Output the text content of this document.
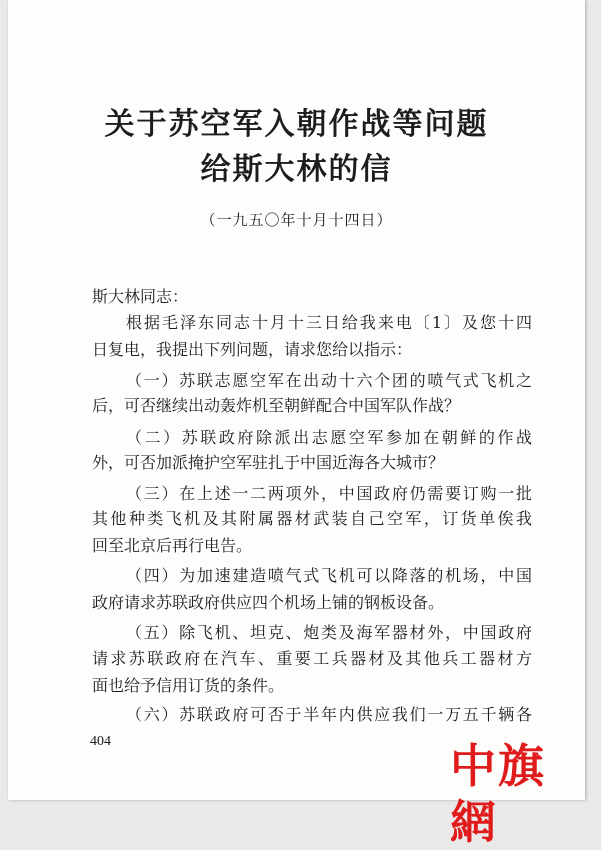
关于苏空军入朝作战等问题
给斯大林的信
（一九五〇年十月十四日）
斯大林同志：
根据毛泽东同志十月十三日给我来电〔1〕及您十四
日复电，我提出下列问题，请求您给以指示：
（一）苏联志愿空军在出动十六个团的喷气式飞机之
后，可否继续出动轰炸机至朝鲜配合中国军队作战？
（二）苏联政府除派出志愿空军参加在朝鲜的作战
外，可否加派掩护空军驻扎于中国近海各大城市？
（三）在上述一二两项外，中国政府仍需要订购一批
其他种类飞机及其附属器材武装自己空军，订货单俟我
回至北京后再行电告。
（四）为加速建造喷气式飞机可以降落的机场，中国
政府请求苏联政府供应四个机场上铺的钢板设备。
（五）除飞机、坦克、炮类及海军器材外，中国政府
请求苏联政府在汽车、重要工兵器材及其他兵工器材方
面也给予信用订货的条件。
（六）苏联政府可否于半年内供应我们一万五千辆各
404	中旗網
